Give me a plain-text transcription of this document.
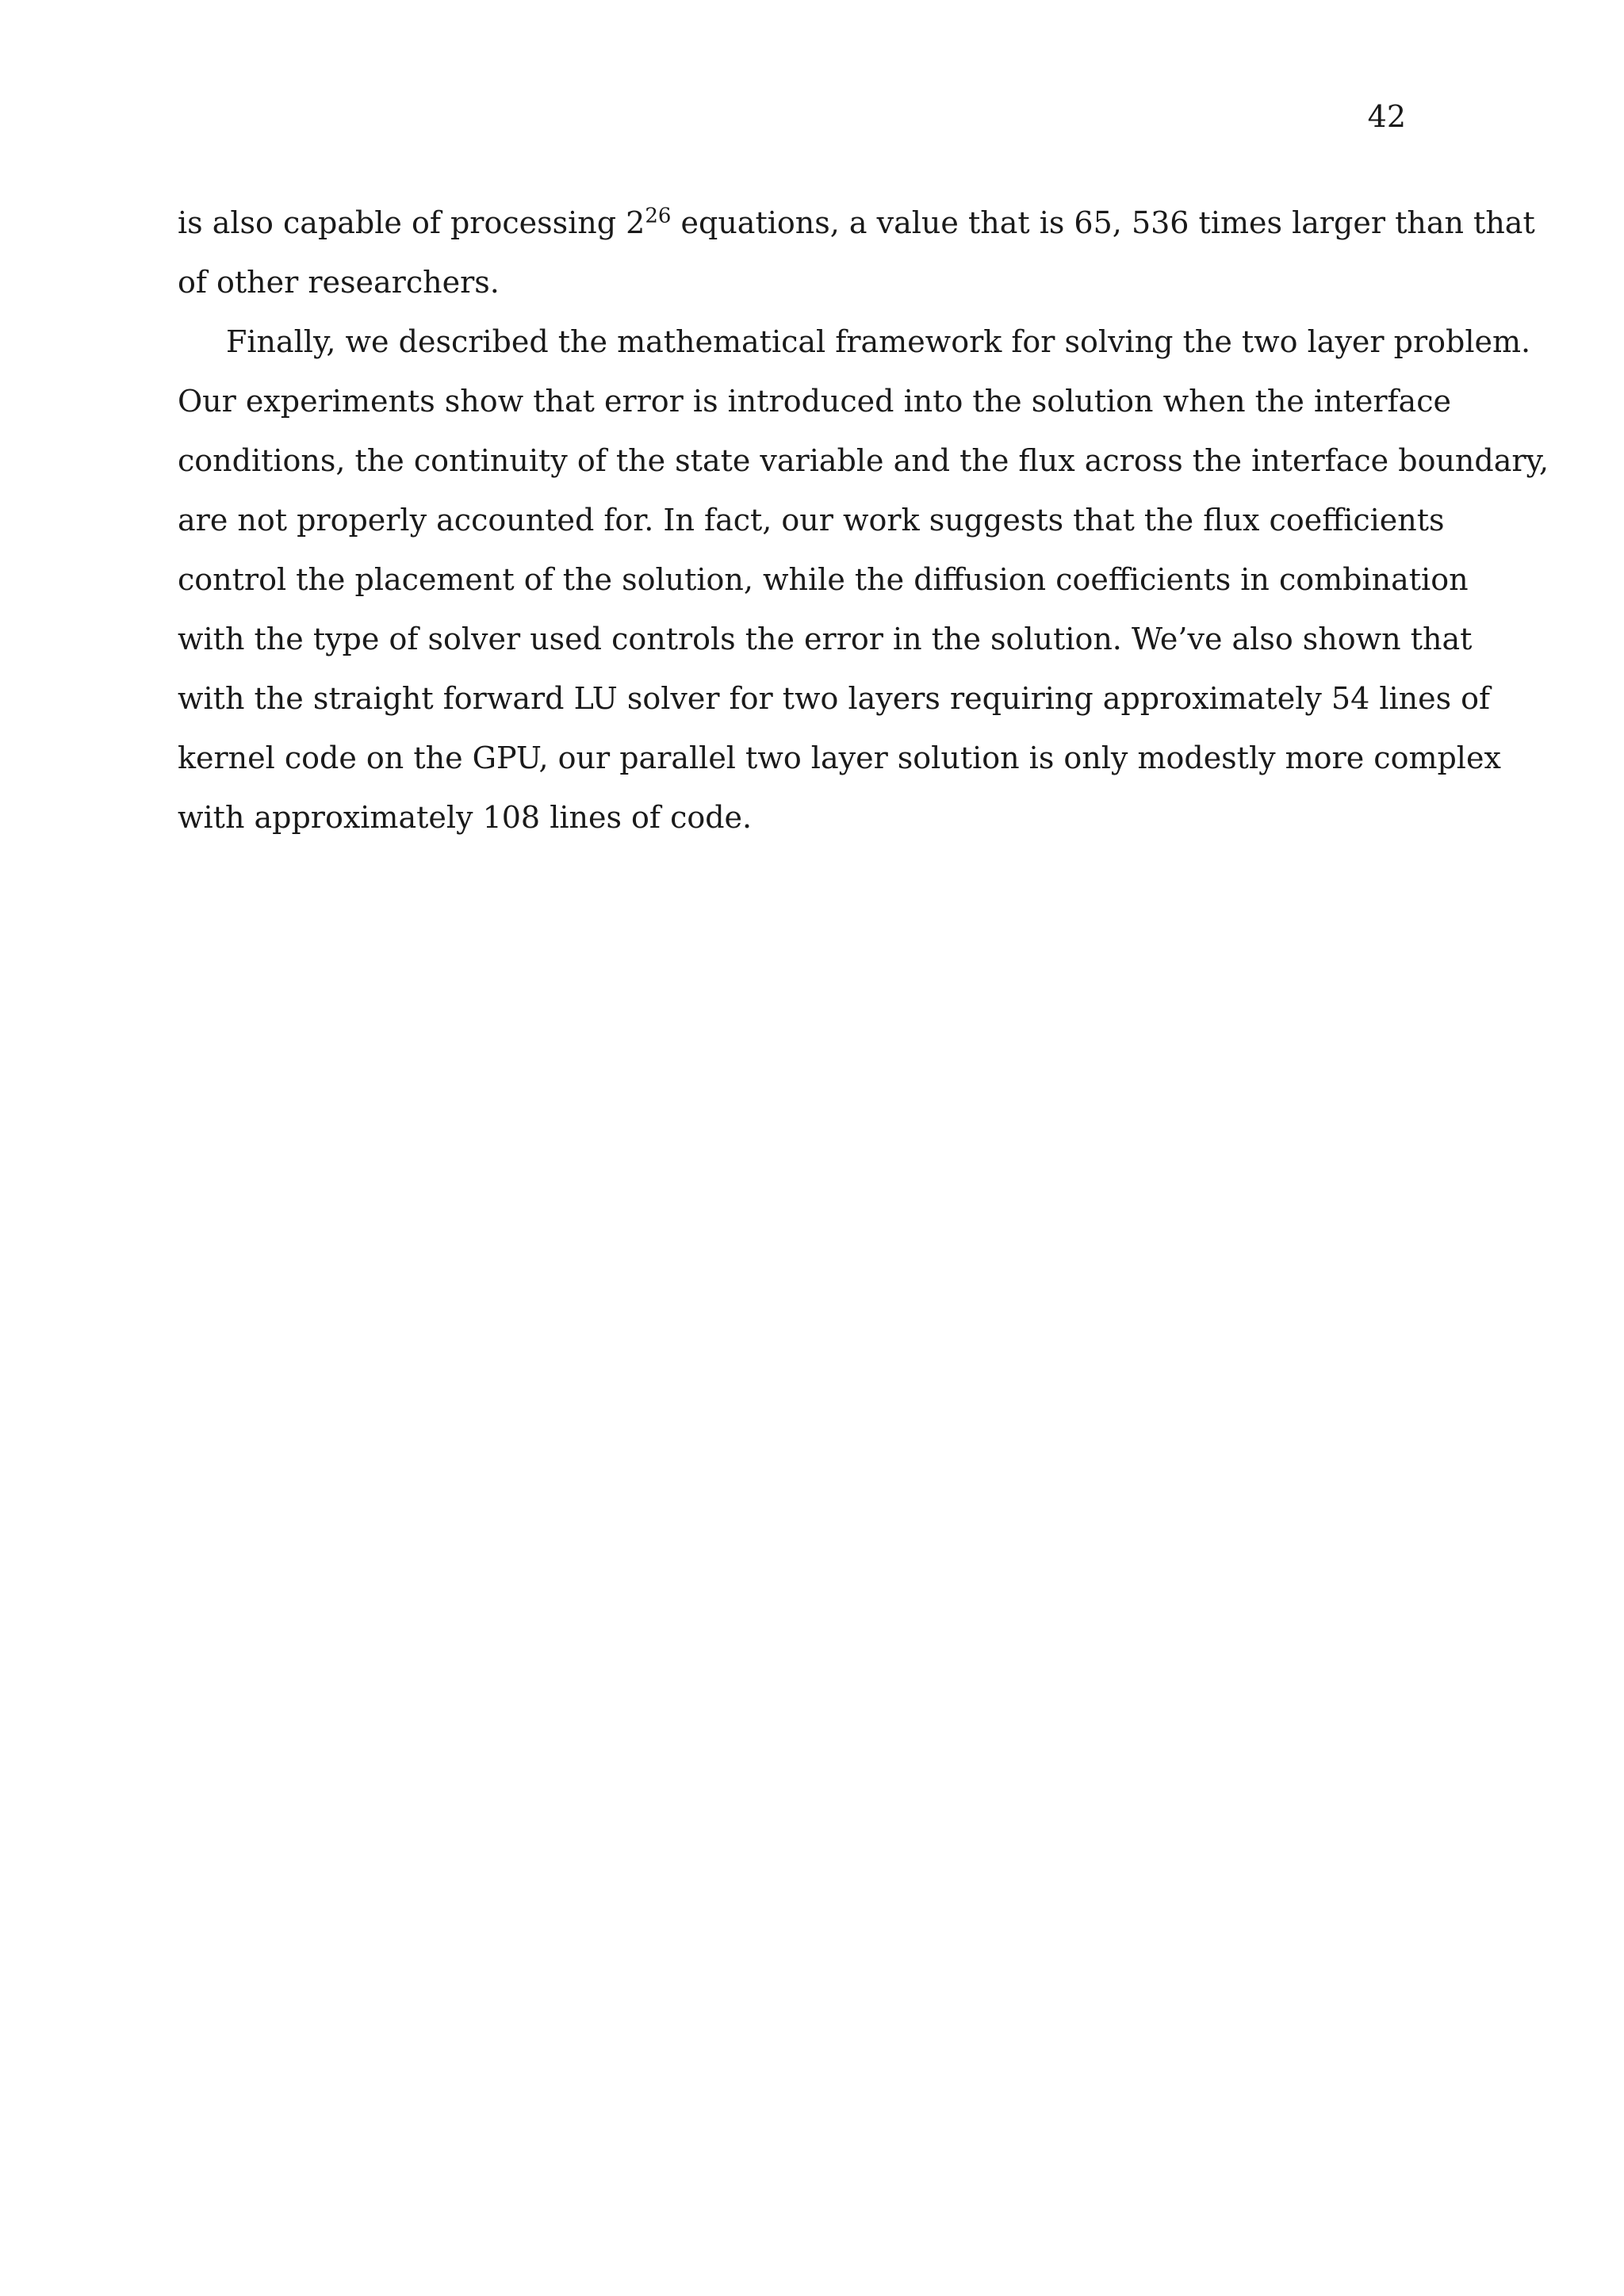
42
is also capable of processing $2^{26}$ equations, a value that is 65, 536 times larger than that
of other researchers.
Finally, we described the mathematical framework for solving the two layer problem.
Our experiments show that error is introduced into the solution when the interface
conditions, the continuity of the state variable and the flux across the interface boundary,
are not properly accounted for. In fact, our work suggests that the flux coefficients
control the placement of the solution, while the diffusion coefficients in combination
with the type of solver used controls the error in the solution. We’ve also shown that
with the straight forward LU solver for two layers requiring approximately 54 lines of
kernel code on the GPU, our parallel two layer solution is only modestly more complex
with approximately 108 lines of code.
